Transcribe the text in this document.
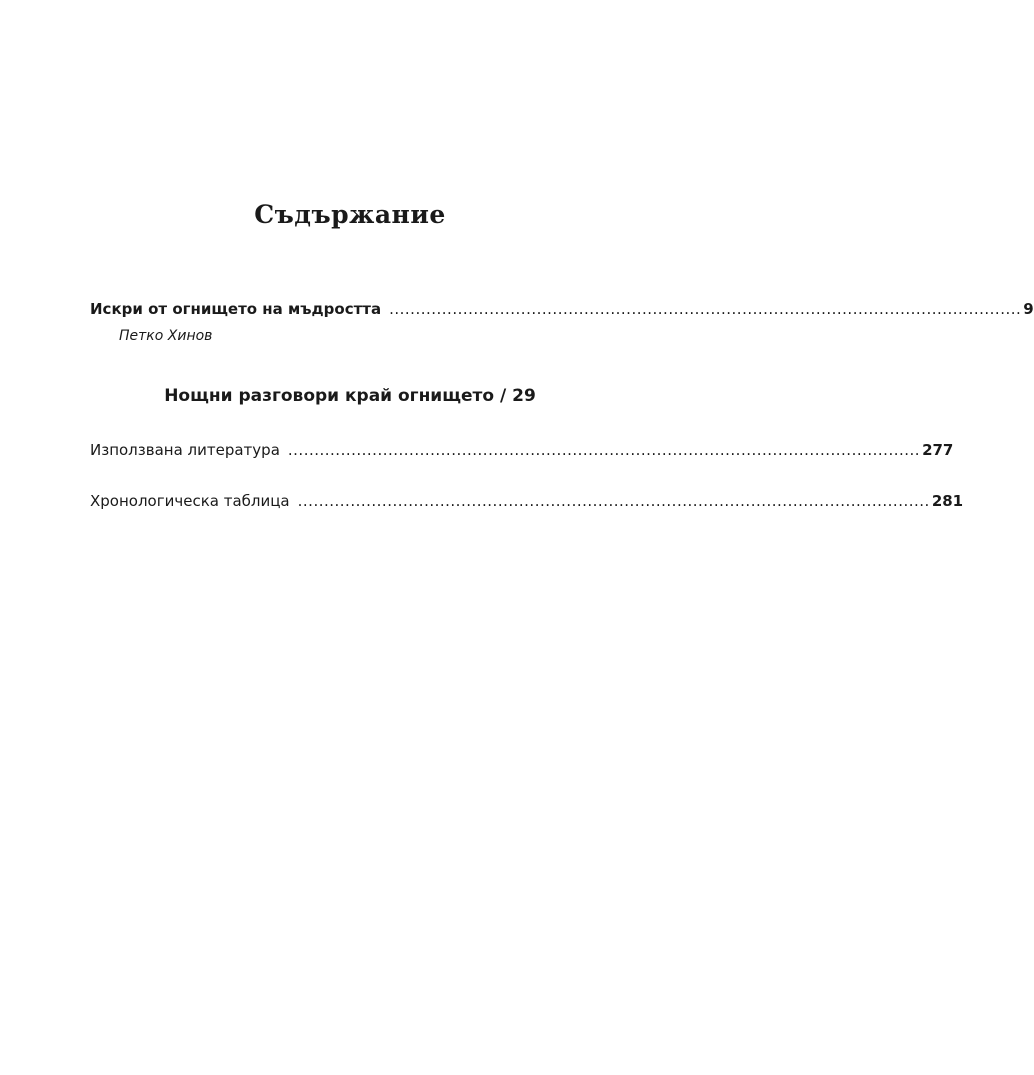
Съдържание
Искри от огнището на мъдростта ........................................................................................................................ 9
Петко Хинов
Нощни разговори край огнището / 29
Използвана литература ........................................................................................................................ 277
Хронологическа таблица ........................................................................................................................ 281
